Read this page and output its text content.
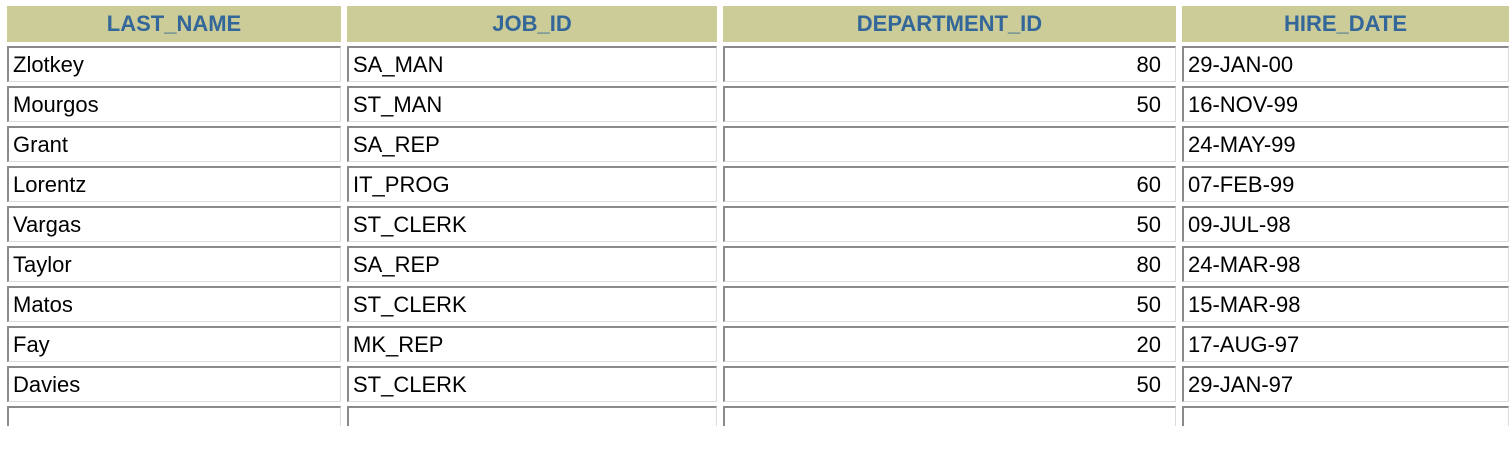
LAST_NAME	JOB_ID	DEPARTMENT_ID	HIRE_DATE
Zlotkey	SA_MAN	80	29-JAN-00
Mourgos	ST_MAN	50	16-NOV-99
Grant	SA_REP		24-MAY-99
Lorentz	IT_PROG	60	07-FEB-99
Vargas	ST_CLERK	50	09-JUL-98
Taylor	SA_REP	80	24-MAR-98
Matos	ST_CLERK	50	15-MAR-98
Fay	MK_REP	20	17-AUG-97
Davies	ST_CLERK	50	29-JAN-97
